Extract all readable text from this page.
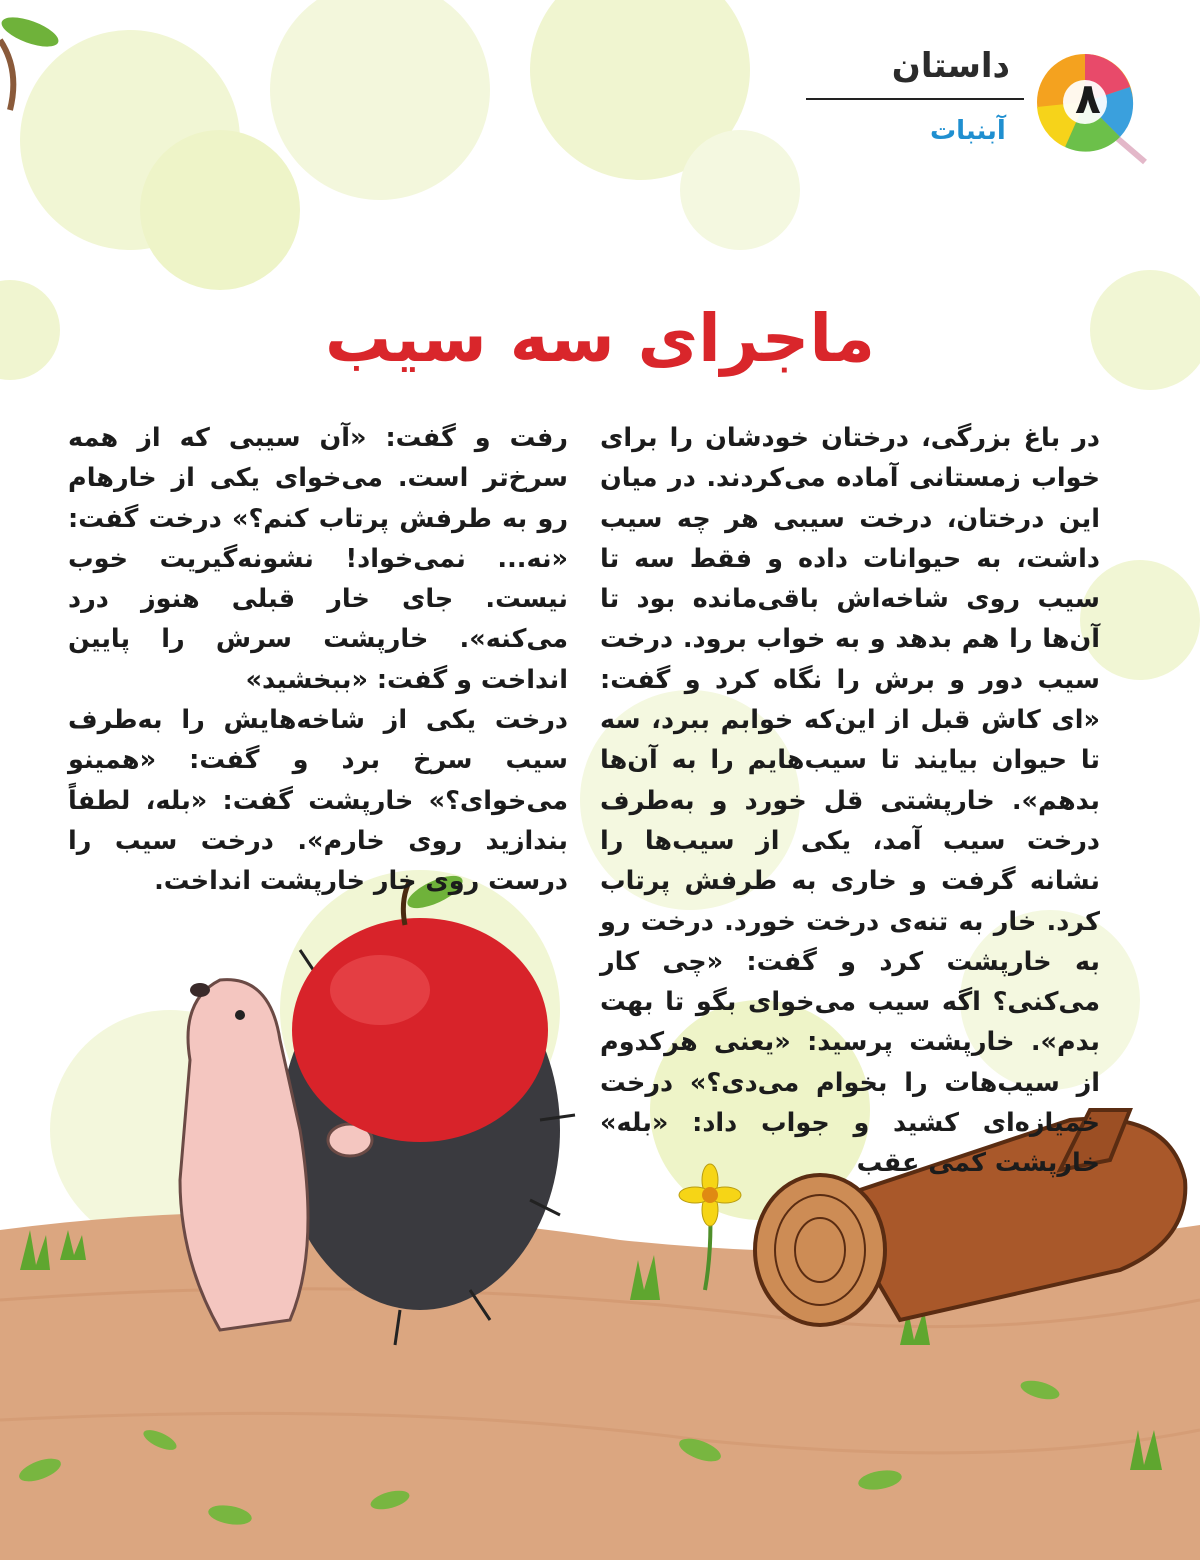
داستان
۸
آبنبات
ماجرای سه سیب

در باغ بزرگی، درختان خودشان را برای خواب زمستانی آماده می‌کردند. در میان این درختان، درخت سیبی هر چه سیب داشت، به حیوانات داده و فقط سه تا سیب روی شاخه‌اش باقی‌مانده بود تا آن‌ها را هم بدهد و به خواب برود. درخت سیب دور و برش را نگاه کرد و گفت: «ای کاش قبل از این‌که خوابم ببرد، سه تا حیوان بیایند تا سیب‌هایم را به آن‌ها بدهم». خارپشتی قل خورد و به‌طرف درخت سیب آمد، یکی از سیب‌ها را نشانه گرفت و خاری به طرفش پرتاب کرد. خار به تنه‌ی درخت خورد. درخت رو به خارپشت کرد و گفت: «چی کار می‌کنی؟ اگه سیب می‌خوای بگو تا بهت بدم». خارپشت پرسید: «یعنی هرکدوم از سیب‌هات را بخوام می‌دی؟» درخت خمیازه‌ای کشید و جواب داد: «بله» خارپشت کمی عقب

رفت و گفت: «آن سیبی که از همه سرخ‌تر است. می‌خوای یکی از خارهام رو به طرفش پرتاب کنم؟» درخت گفت: «نه... نمی‌خواد! نشونه‌گیریت خوب نیست. جای خار قبلی هنوز درد می‌کنه». خارپشت سرش را پایین انداخت و گفت: «ببخشید»

درخت یکی از شاخه‌هایش را به‌طرف سیب سرخ برد و گفت: «همینو می‌خوای؟» خارپشت گفت: «بله، لطفاً بندازید روی خارم». درخت سیب را درست روی خار خارپشت انداخت.
